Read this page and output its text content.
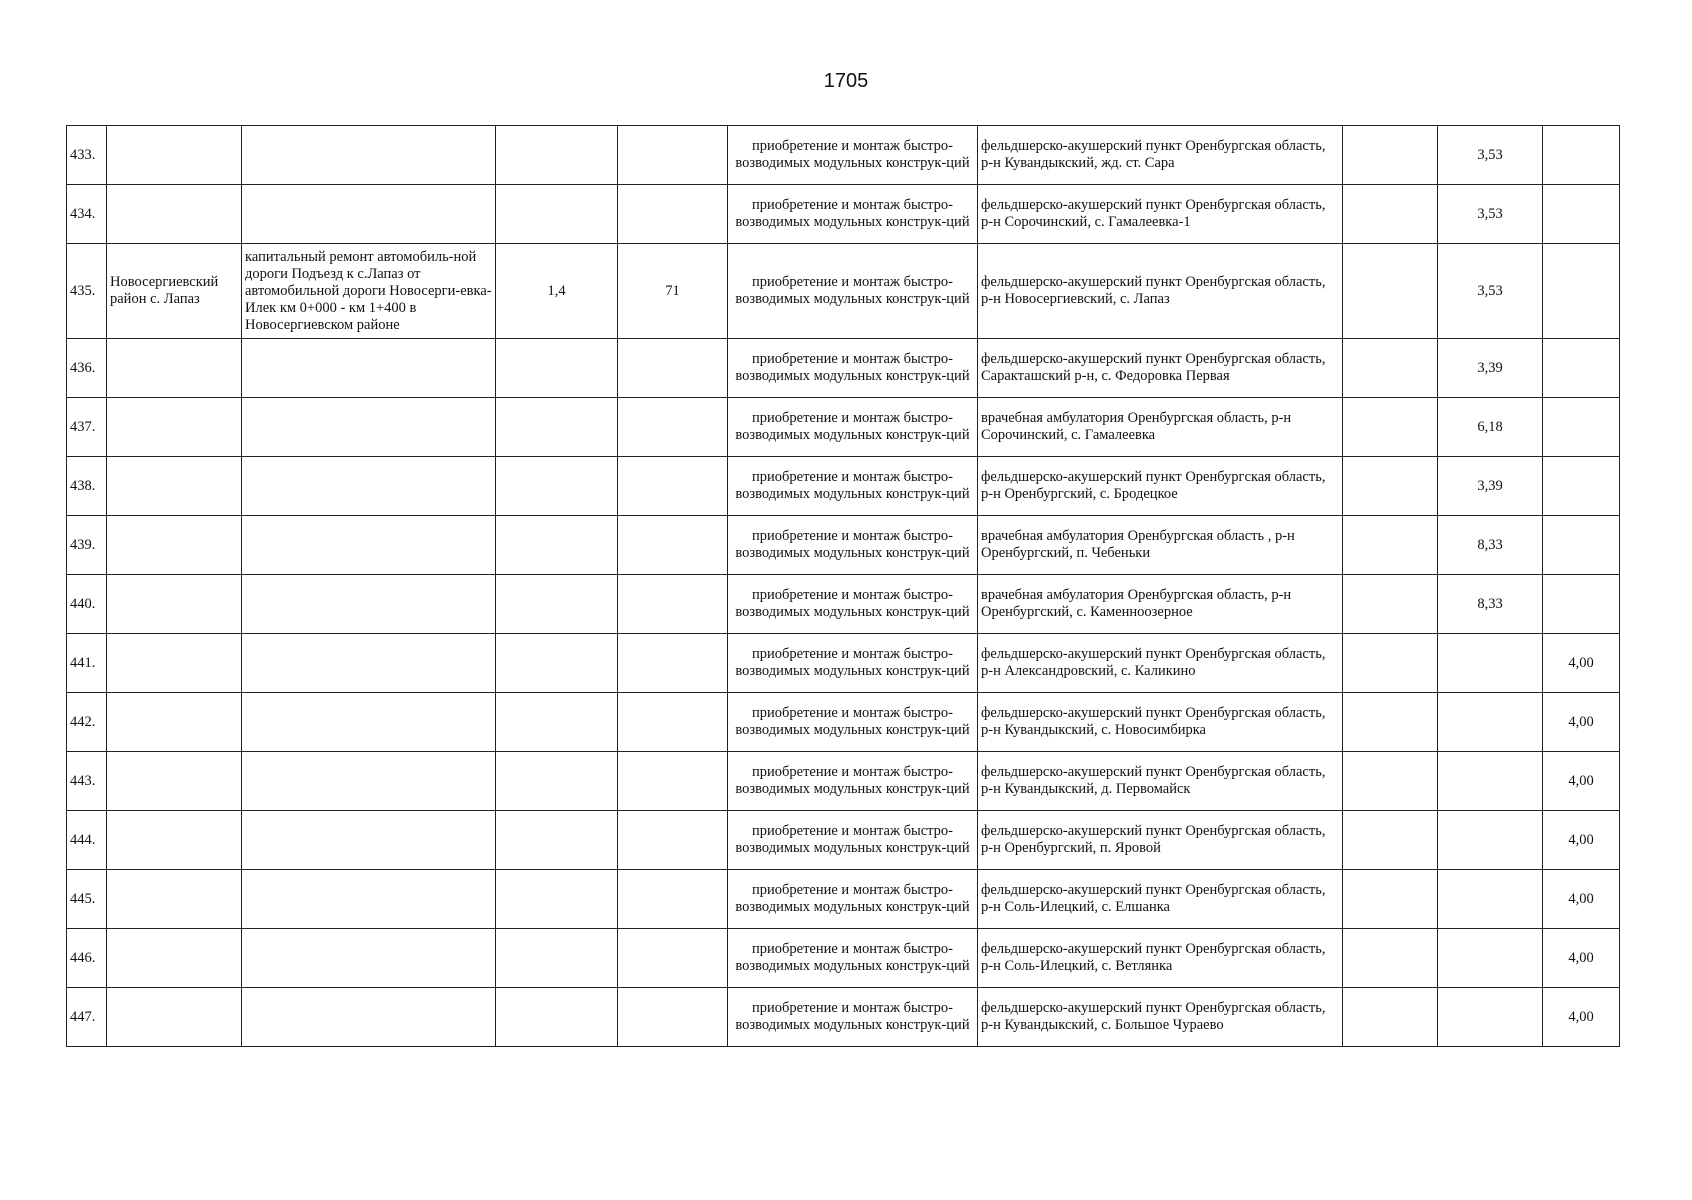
1705
433.					приобретение и монтаж быстро-возводимых модульных конструк-ций	фельдшерско-акушерский пункт Оренбургская область, р-н Кувандыкский, жд. ст. Сара		3,53	
434.					приобретение и монтаж быстро-возводимых модульных конструк-ций	фельдшерско-акушерский пункт Оренбургская область, р-н Сорочинский, с. Гамалеевка-1		3,53	
435.	Новосергиевский район с. Лапаз	капитальный ремонт автомобиль-ной дороги Подъезд к с.Лапаз от автомобильной дороги Новосерги-евка-Илек км 0+000 - км 1+400 в Новосергиевском районе	1,4	71	приобретение и монтаж быстро-возводимых модульных конструк-ций	фельдшерско-акушерский пункт Оренбургская область, р-н Новосергиевский, с. Лапаз		3,53	
436.					приобретение и монтаж быстро-возводимых модульных конструк-ций	фельдшерско-акушерский пункт Оренбургская область, Саракташский р-н, с. Федоровка Первая		3,39	
437.					приобретение и монтаж быстро-возводимых модульных конструк-ций	врачебная амбулатория Оренбургская область, р-н Сорочинский, с. Гамалеевка		6,18	
438.					приобретение и монтаж быстро-возводимых модульных конструк-ций	фельдшерско-акушерский пункт Оренбургская область, р-н Оренбургский, с. Бродецкое		3,39	
439.					приобретение и монтаж быстро-возводимых модульных конструк-ций	врачебная амбулатория Оренбургская область , р-н Оренбургский, п. Чебеньки		8,33	
440.					приобретение и монтаж быстро-возводимых модульных конструк-ций	врачебная амбулатория Оренбургская область, р-н Оренбургский, с. Каменноозерное		8,33	
441.					приобретение и монтаж быстро-возводимых модульных конструк-ций	фельдшерско-акушерский пункт Оренбургская область, р-н Александровский, с. Каликино			4,00
442.					приобретение и монтаж быстро-возводимых модульных конструк-ций	фельдшерско-акушерский пункт Оренбургская область, р-н Кувандыкский, с. Новосимбирка			4,00
443.					приобретение и монтаж быстро-возводимых модульных конструк-ций	фельдшерско-акушерский пункт Оренбургская область, р-н Кувандыкский, д. Первомайск			4,00
444.					приобретение и монтаж быстро-возводимых модульных конструк-ций	фельдшерско-акушерский пункт Оренбургская область, р-н Оренбургский, п. Яровой			4,00
445.					приобретение и монтаж быстро-возводимых модульных конструк-ций	фельдшерско-акушерский пункт Оренбургская область, р-н Соль-Илецкий, с. Елшанка			4,00
446.					приобретение и монтаж быстро-возводимых модульных конструк-ций	фельдшерско-акушерский пункт Оренбургская область, р-н Соль-Илецкий, с. Ветлянка			4,00
447.					приобретение и монтаж быстро-возводимых модульных конструк-ций	фельдшерско-акушерский пункт Оренбургская область, р-н Кувандыкский, с. Большое Чураево			4,00
